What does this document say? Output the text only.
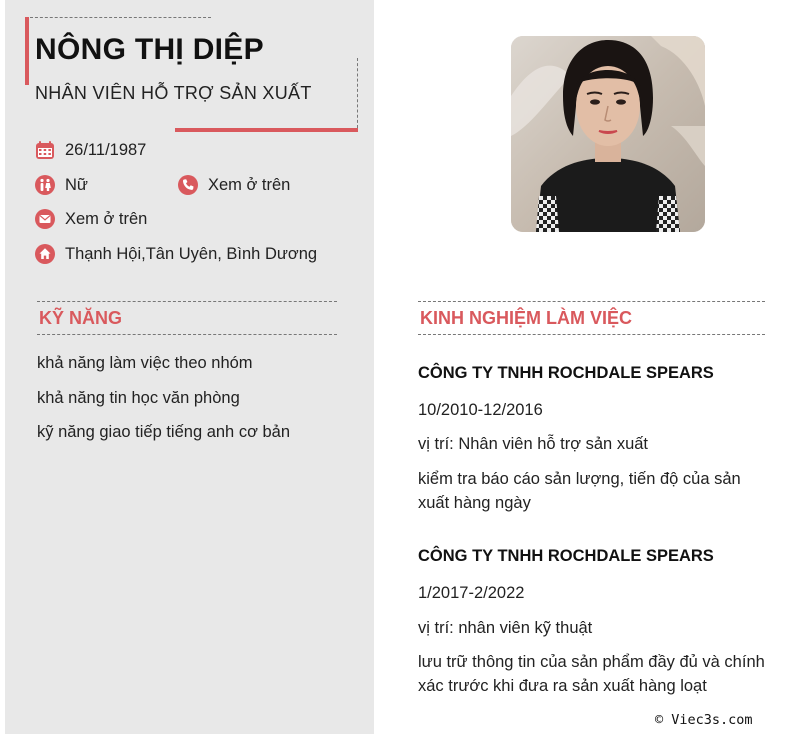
NÔNG THỊ DIỆP
NHÂN VIÊN HỖ TRỢ SẢN XUẤT
26/11/1987
Nữ	Xem ở trên
Xem ở trên
Thạnh Hội,Tân Uyên, Bình Dương
KỸ NĂNG
khả năng làm việc theo nhóm
khả năng tin học văn phòng
kỹ năng giao tiếp tiếng anh cơ bản
KINH NGHIỆM LÀM VIỆC
CÔNG TY TNHH ROCHDALE SPEARS
10/2010-12/2016
vị trí: Nhân viên hỗ trợ sản xuất
kiểm tra báo cáo sản lượng, tiến độ của sản xuất hàng ngày
CÔNG TY TNHH ROCHDALE SPEARS
1/2017-2/2022
vị trí: nhân viên kỹ thuật
lưu trữ thông tin của sản phẩm đầy đủ và chính xác trước khi đưa ra sản xuất hàng loạt
© Viec3s.com
